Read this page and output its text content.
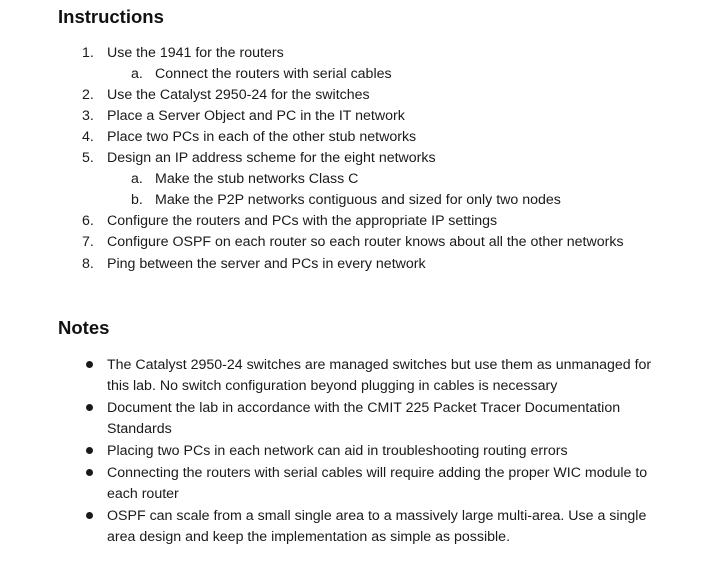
Instructions
1. Use the 1941 for the routers
a. Connect the routers with serial cables
2. Use the Catalyst 2950-24 for the switches
3. Place a Server Object and PC in the IT network
4. Place two PCs in each of the other stub networks
5. Design an IP address scheme for the eight networks
a. Make the stub networks Class C
b. Make the P2P networks contiguous and sized for only two nodes
6. Configure the routers and PCs with the appropriate IP settings
7. Configure OSPF on each router so each router knows about all the other networks
8. Ping between the server and PCs in every network
Notes
The Catalyst 2950-24 switches are managed switches but use them as unmanaged for
this lab. No switch configuration beyond plugging in cables is necessary
Document the lab in accordance with the CMIT 225 Packet Tracer Documentation
Standards
Placing two PCs in each network can aid in troubleshooting routing errors
Connecting the routers with serial cables will require adding the proper WIC module to
each router
OSPF can scale from a small single area to a massively large multi-area. Use a single
area design and keep the implementation as simple as possible.
